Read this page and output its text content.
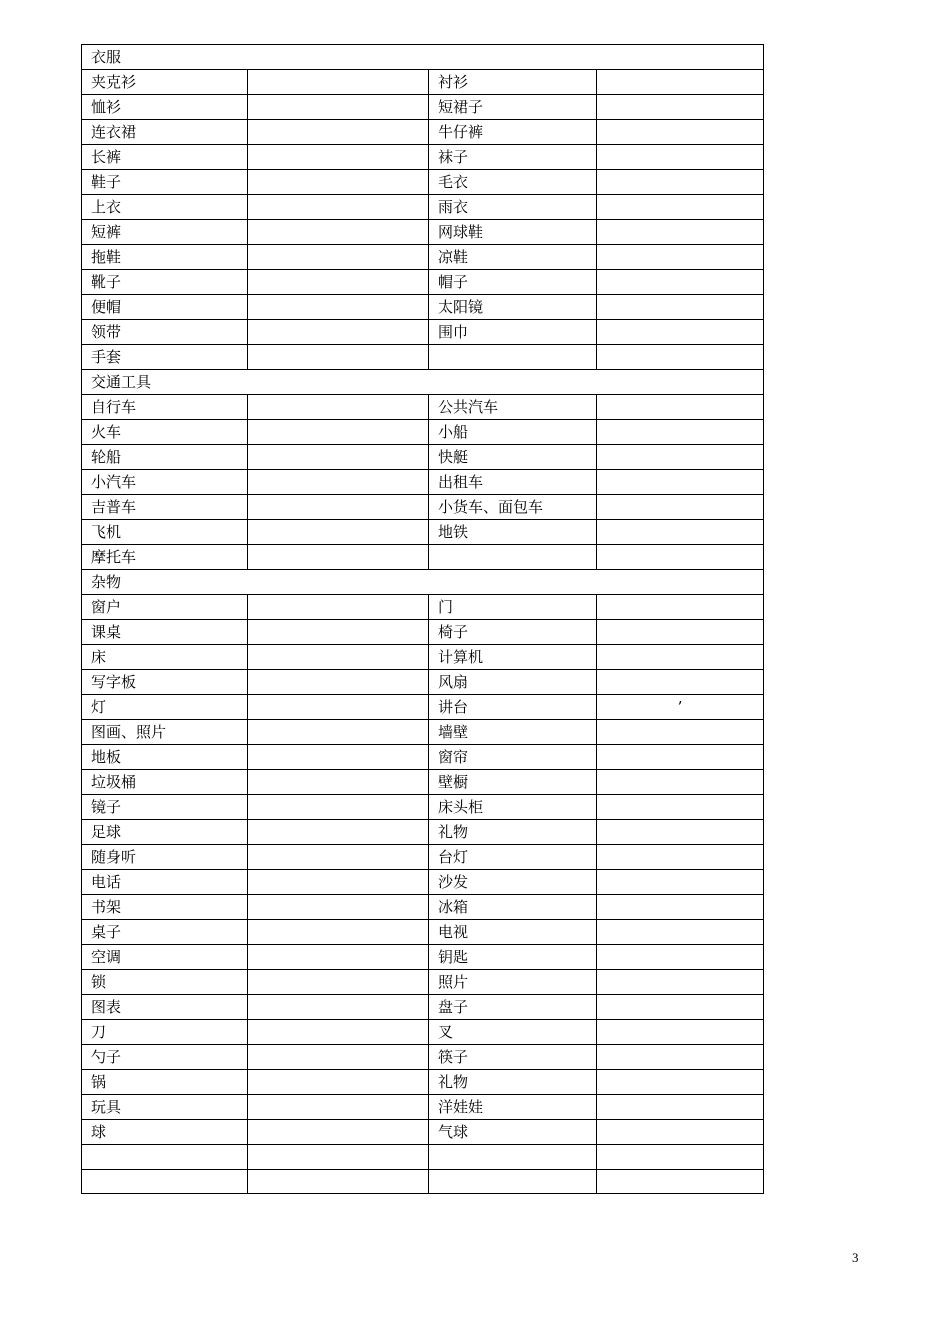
衣服			
夹克衫		衬衫	
恤衫		短裙子	
连衣裙		牛仔裤	
长裤		袜子	
鞋子		毛衣	
上衣		雨衣	
短裤		网球鞋	
拖鞋		凉鞋	
靴子		帽子	
便帽		太阳镜	
领带		围巾	
手套			
交通工具			
自行车		公共汽车	
火车		小船	
轮船		快艇	
小汽车		出租车	
吉普车		小货车、面包车	
飞机		地铁	
摩托车			
杂物			
窗户		门	
课桌		椅子	
床		计算机	
写字板		风扇	
灯		讲台	’
图画、照片		墙壁	
地板		窗帘	
垃圾桶		壁橱	
镜子		床头柜	
足球		礼物	
随身听		台灯	
电话		沙发	
书架		冰箱	
桌子		电视	
空调		钥匙	
锁		照片	
图表		盘子	
刀		叉	
勺子		筷子	
锅		礼物	
玩具		洋娃娃	
球		气球	

3
